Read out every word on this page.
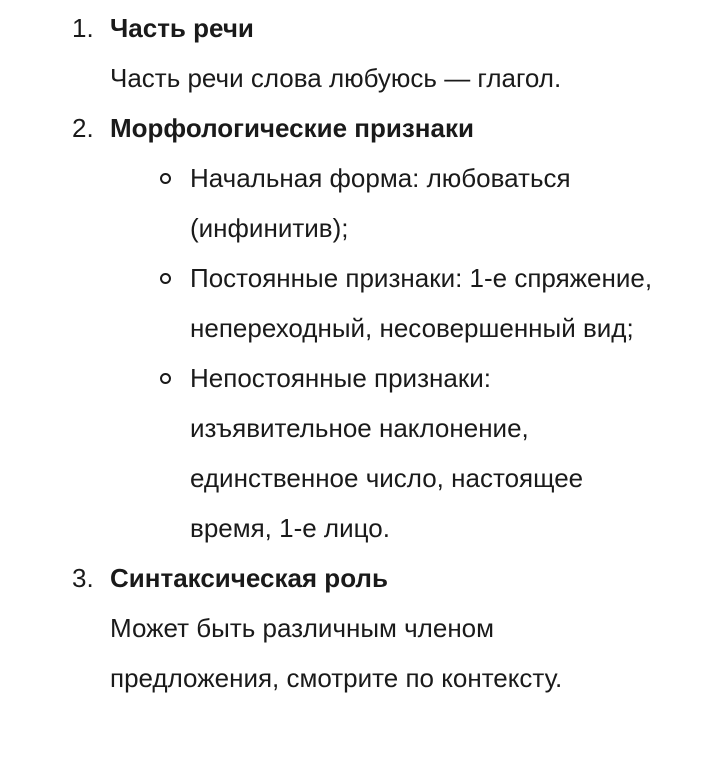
1. Часть речи
Часть речи слова любуюсь — глагол.
2. Морфологические признаки
Начальная форма: любоваться (инфинитив);
Постоянные признаки: 1-е спряжение, непереходный, несовершенный вид;
Непостоянные признаки: изъявительное наклонение, единственное число, настоящее время, 1-е лицо.
3. Синтаксическая роль
Может быть различным членом предложения, смотрите по контексту.
